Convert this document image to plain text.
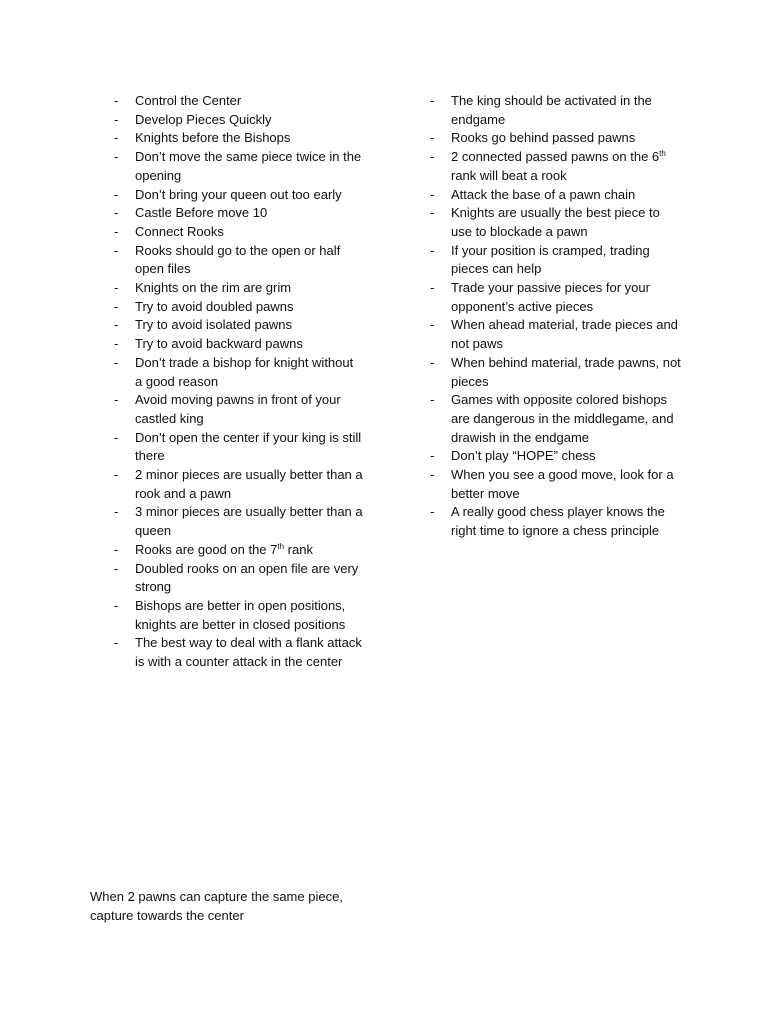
- Control the Center
- Develop Pieces Quickly
- Knights before the Bishops
- Don’t move the same piece twice in the opening
- Don’t bring your queen out too early
- Castle Before move 10
- Connect Rooks
- Rooks should go to the open or half open files
- Knights on the rim are grim
- Try to avoid doubled pawns
- Try to avoid isolated pawns
- Try to avoid backward pawns
- Don’t trade a bishop for knight without a good reason
- Avoid moving pawns in front of your castled king
- Don’t open the center if your king is still there
- 2 minor pieces are usually better than a rook and a pawn
- 3 minor pieces are usually better than a queen
- Rooks are good on the 7th rank
- Doubled rooks on an open file are very strong
- Bishops are better in open positions, knights are better in closed positions
- The best way to deal with a flank attack is with a counter attack in the center
- The king should be activated in the endgame
- Rooks go behind passed pawns
- 2 connected passed pawns on the 6th rank will beat a rook
- Attack the base of a pawn chain
- Knights are usually the best piece to use to blockade a pawn
- If your position is cramped, trading pieces can help
- Trade your passive pieces for your opponent’s active pieces
- When ahead material, trade pieces and not paws
- When behind material, trade pawns, not pieces
- Games with opposite colored bishops are dangerous in the middlegame, and drawish in the endgame
- Don’t play “HOPE” chess
- When you see a good move, look for a better move
- A really good chess player knows the right time to ignore a chess principle

When 2 pawns can capture the same piece, capture towards the center
